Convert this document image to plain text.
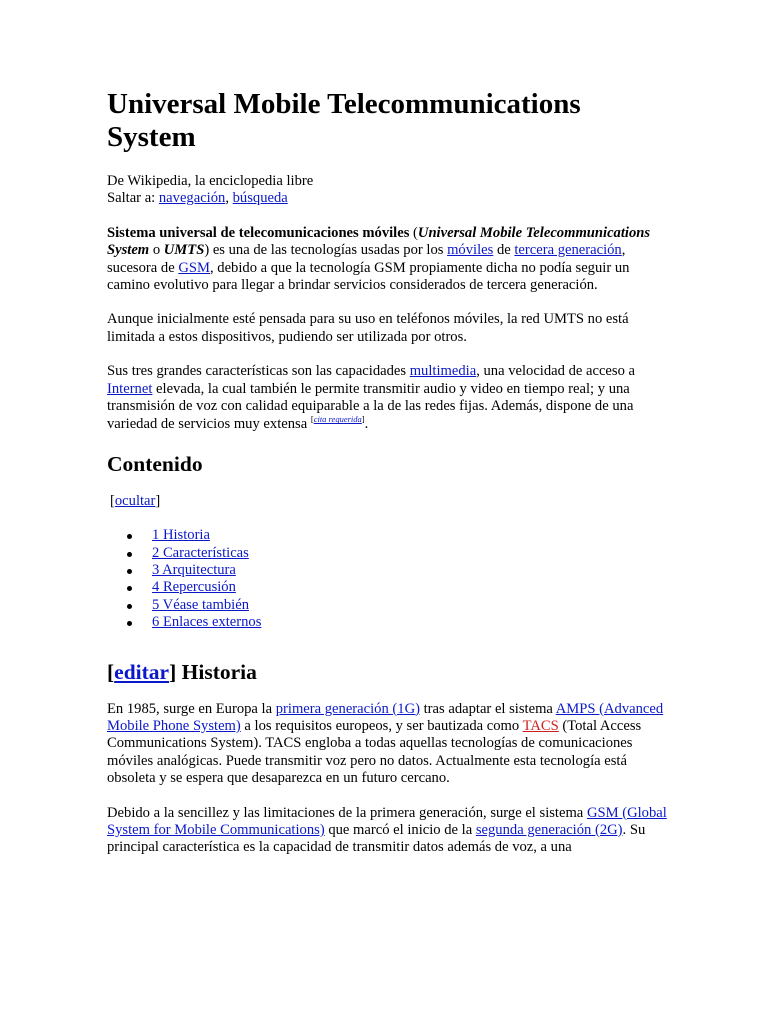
Universal Mobile Telecommunications System
De Wikipedia, la enciclopedia libre
Saltar a: navegación, búsqueda

Sistema universal de telecomunicaciones móviles (Universal Mobile Telecommunications System o UMTS) es una de las tecnologías usadas por los móviles de tercera generación, sucesora de GSM, debido a que la tecnología GSM propiamente dicha no podía seguir un camino evolutivo para llegar a brindar servicios considerados de tercera generación.

Aunque inicialmente esté pensada para su uso en teléfonos móviles, la red UMTS no está limitada a estos dispositivos, pudiendo ser utilizada por otros.

Sus tres grandes características son las capacidades multimedia, una velocidad de acceso a Internet elevada, la cual también le permite transmitir audio y video en tiempo real; y una transmisión de voz con calidad equiparable a la de las redes fijas. Además, dispone de una variedad de servicios muy extensa [cita requerida].

Contenido
[ocultar]
1 Historia
2 Características
3 Arquitectura
4 Repercusión
5 Véase también
6 Enlaces externos
[editar] Historia

En 1985, surge en Europa la primera generación (1G) tras adaptar el sistema AMPS (Advanced Mobile Phone System) a los requisitos europeos, y ser bautizada como TACS (Total Access Communications System). TACS engloba a todas aquellas tecnologías de comunicaciones móviles analógicas. Puede transmitir voz pero no datos. Actualmente esta tecnología está obsoleta y se espera que desaparezca en un futuro cercano.

Debido a la sencillez y las limitaciones de la primera generación, surge el sistema GSM (Global System for Mobile Communications) que marcó el inicio de la segunda generación (2G). Su principal característica es la capacidad de transmitir datos además de voz, a una
